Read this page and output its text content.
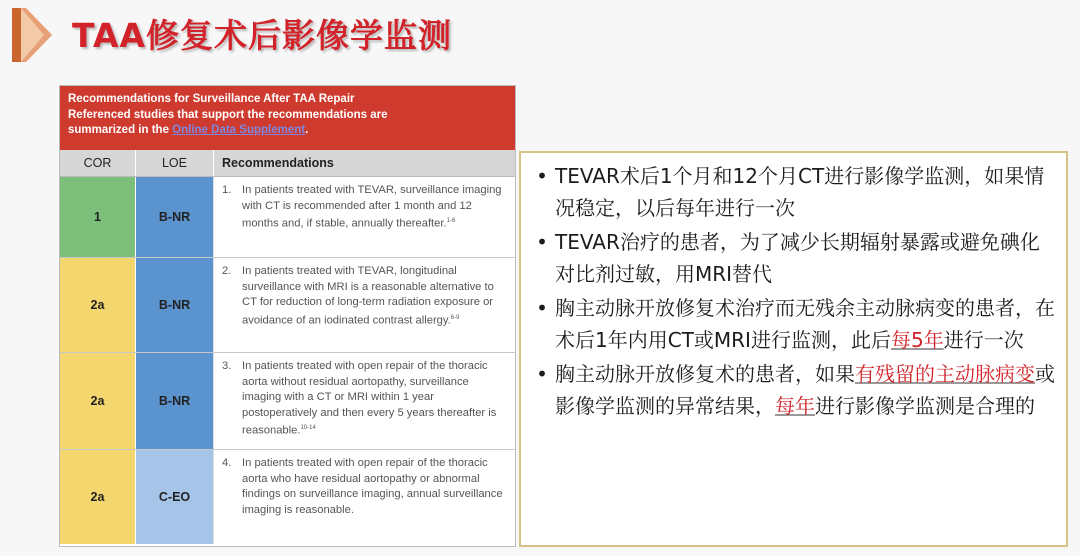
TAA修复术后影像学监测
Recommendations for Surveillance After TAA Repair
Referenced studies that support the recommendations are
summarized in the Online Data Supplement.
COR	LOE	Recommendations
1	B-NR
1. In patients treated with TEVAR, surveillance imaging with CT is recommended after 1 month and 12 months and, if stable, annually thereafter.$^{1-6}$
2a	B-NR
2. In patients treated with TEVAR, longitudinal surveillance with MRI is a reasonable alternative to CT for reduction of long-term radiation exposure or avoidance of an iodinated contrast allergy.$^{6-9}$
2a	B-NR
3. In patients treated with open repair of the thoracic aorta without residual aortopathy, surveillance imaging with a CT or MRI within 1 year postoperatively and then every 5 years thereafter is reasonable.$^{10-14}$
2a	C-EO
4. In patients treated with open repair of the thoracic aorta who have residual aortopathy or abnormal findings on surveillance imaging, annual surveillance imaging is reasonable.
• TEVAR术后1个月和12个月CT进行影像学监测，如果情况稳定，以后每年进行一次
• TEVAR治疗的患者，为了减少长期辐射暴露或避免碘化对比剂过敏，用MRI替代
• 胸主动脉开放修复术治疗而无残余主动脉病变的患者，在术后1年内用CT或MRI进行监测，此后每5年进行一次
• 胸主动脉开放修复术的患者，如果有残留的主动脉病变或影像学监测的异常结果，每年进行影像学监测是合理的
